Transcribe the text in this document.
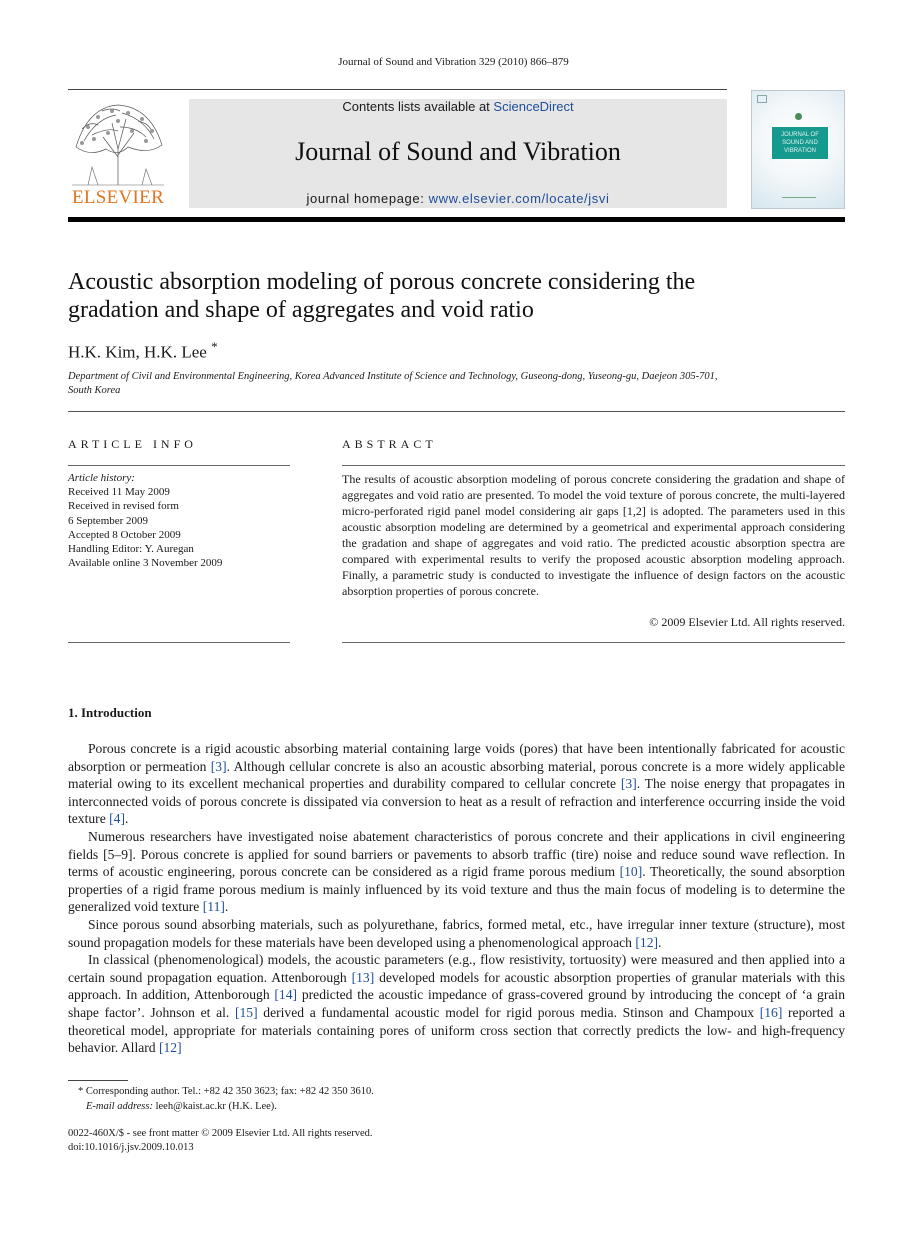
Journal of Sound and Vibration 329 (2010) 866–879
ELSEVIER
Contents lists available at ScienceDirect
Journal of Sound and Vibration
journal homepage: www.elsevier.com/locate/jsvi
JOURNAL OF
SOUND AND
VIBRATION
Acoustic absorption modeling of porous concrete considering the
gradation and shape of aggregates and void ratio
H.K. Kim, H.K. Lee *
Department of Civil and Environmental Engineering, Korea Advanced Institute of Science and Technology, Guseong-dong, Yuseong-gu, Daejeon 305-701,
South Korea
ARTICLE INFO	ABSTRACT
Article history:
Received 11 May 2009
Received in revised form
6 September 2009
Accepted 8 October 2009
Handling Editor: Y. Auregan
Available online 3 November 2009
The results of acoustic absorption modeling of porous concrete considering the gradation and shape of aggregates and void ratio are presented. To model the void texture of porous concrete, the multi-layered micro-perforated rigid panel model considering air gaps [1,2] is adopted. The parameters used in this acoustic absorption modeling are determined by a geometrical and experimental approach considering the gradation and shape of aggregates and void ratio. The predicted acoustic absorption spectra are compared with experimental results to verify the proposed acoustic absorption modeling approach. Finally, a parametric study is conducted to investigate the influence of design factors on the acoustic absorption properties of porous concrete.
© 2009 Elsevier Ltd. All rights reserved.
1. Introduction

Porous concrete is a rigid acoustic absorbing material containing large voids (pores) that have been intentionally fabricated for acoustic absorption or permeation [3]. Although cellular concrete is also an acoustic absorbing material, porous concrete is a more widely applicable material owing to its excellent mechanical properties and durability compared to cellular concrete [3]. The noise energy that propagates in interconnected voids of porous concrete is dissipated via conversion to heat as a result of refraction and interference occurring inside the void texture [4].

Numerous researchers have investigated noise abatement characteristics of porous concrete and their applications in civil engineering fields [5–9]. Porous concrete is applied for sound barriers or pavements to absorb traffic (tire) noise and reduce sound wave reflection. In terms of acoustic engineering, porous concrete can be considered as a rigid frame porous medium [10]. Theoretically, the sound absorption properties of a rigid frame porous medium is mainly influenced by its void texture and thus the main focus of modeling is to determine the generalized void texture [11].

Since porous sound absorbing materials, such as polyurethane, fabrics, formed metal, etc., have irregular inner texture (structure), most sound propagation models for these materials have been developed using a phenomenological approach [12].

In classical (phenomenological) models, the acoustic parameters (e.g., flow resistivity, tortuosity) were measured and then applied into a certain sound propagation equation. Attenborough [13] developed models for acoustic absorption properties of granular materials with this approach. In addition, Attenborough [14] predicted the acoustic impedance of grass-covered ground by introducing the concept of ‘a grain shape factor’. Johnson et al. [15] derived a fundamental acoustic model for rigid porous media. Stinson and Champoux [16] reported a theoretical model, appropriate for materials containing pores of uniform cross section that correctly predicts the low- and high-frequency behavior. Allard [12]

* Corresponding author. Tel.: +82 42 350 3623; fax: +82 42 350 3610.
E-mail address: leeh@kaist.ac.kr (H.K. Lee).
0022-460X/$ - see front matter © 2009 Elsevier Ltd. All rights reserved.
doi:10.1016/j.jsv.2009.10.013
